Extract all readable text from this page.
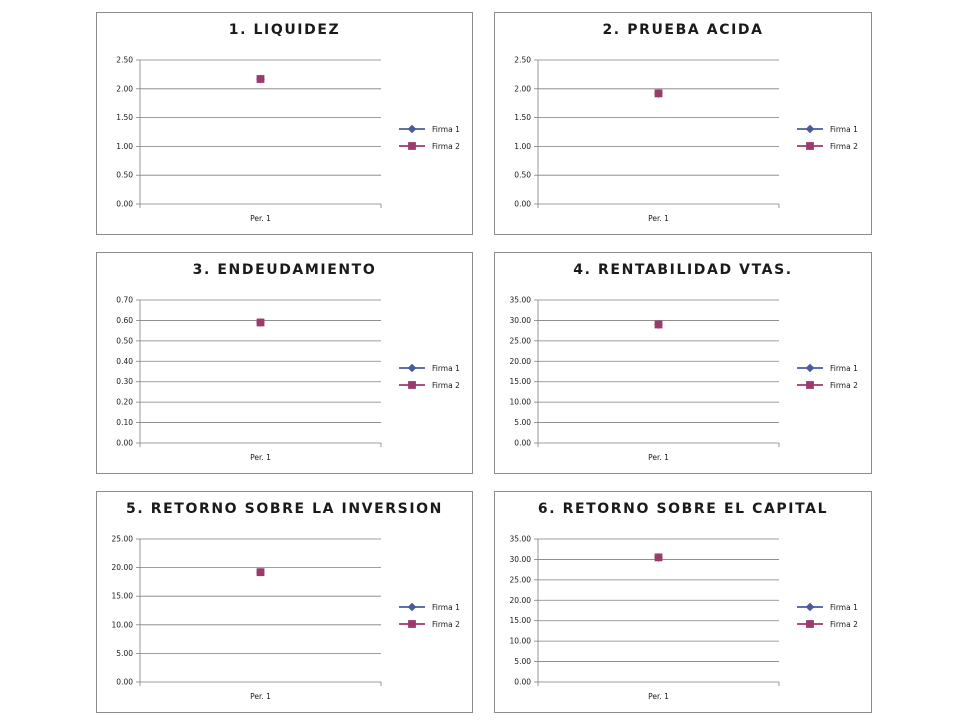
1. LIQUIDEZ
0.00
0.50
1.00
1.50
2.00
2.50
Per. 1
Firma 1
Firma 2
2. PRUEBA ACIDA
0.00
0.50
1.00
1.50
2.00
2.50
Per. 1
Firma 1
Firma 2
3. ENDEUDAMIENTO
0.00
0.10
0.20
0.30
0.40
0.50
0.60
0.70
Per. 1
Firma 1
Firma 2
4. RENTABILIDAD VTAS.
0.00
5.00
10.00
15.00
20.00
25.00
30.00
35.00
Per. 1
Firma 1
Firma 2
5. RETORNO SOBRE LA INVERSION
0.00
5.00
10.00
15.00
20.00
25.00
Per. 1
Firma 1
Firma 2
6. RETORNO SOBRE EL CAPITAL
0.00
5.00
10.00
15.00
20.00
25.00
30.00
35.00
Per. 1
Firma 1
Firma 2
